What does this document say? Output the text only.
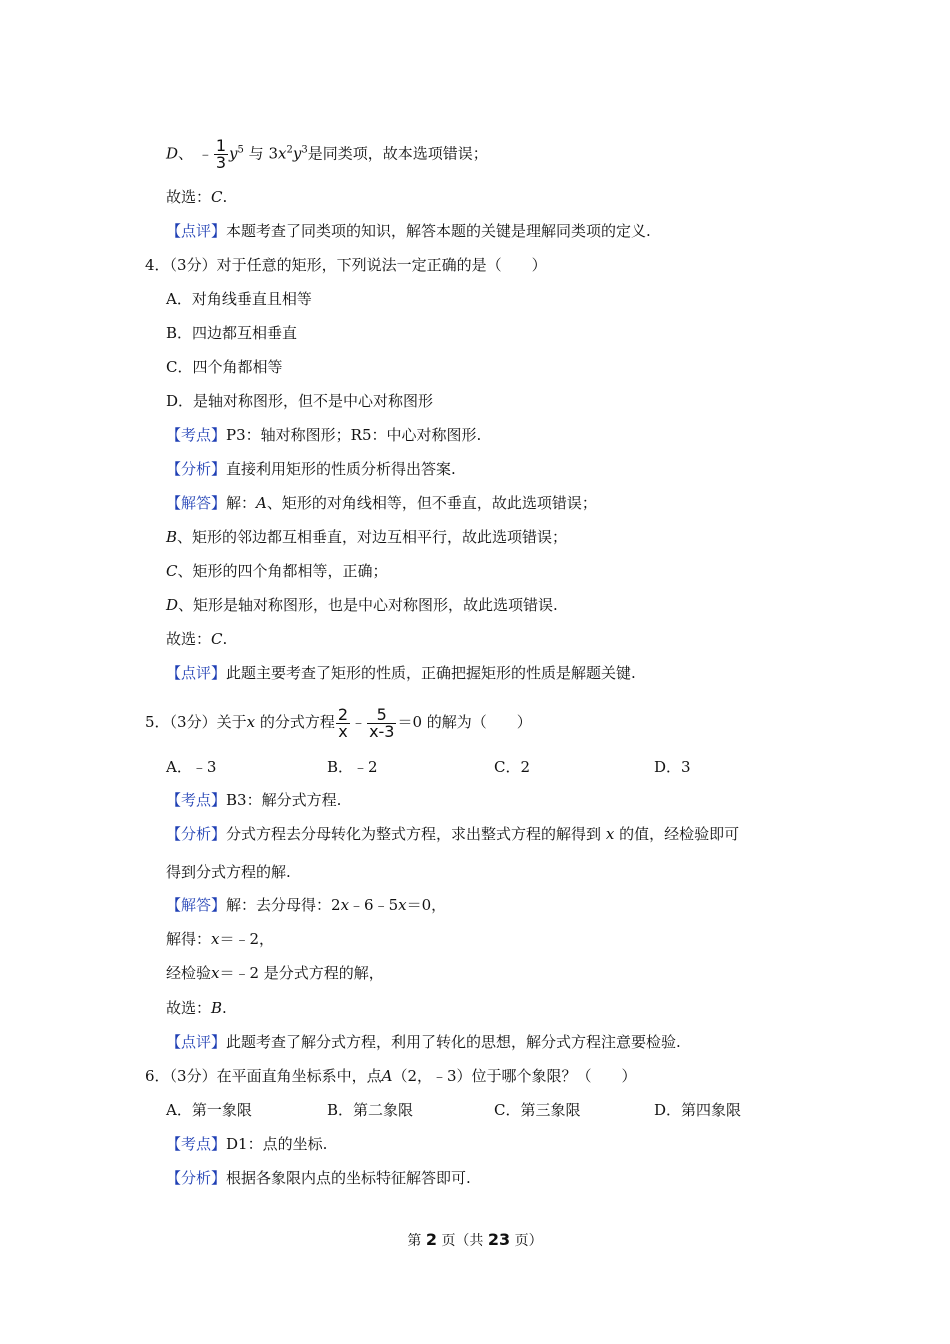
D、 ﹣ $\frac{1}{3} y^5$ 与 $3x^2y^3$是同类项，故本选项错误；
故选：C.
【点评】本题考查了同类项的知识，解答本题的关键是理解同类项的定义.
4．（3分）对于任意的矩形，下列说法一定正确的是（　　）
A．对角线垂直且相等
B．四边都互相垂直
C．四个角都相等
D．是轴对称图形，但不是中心对称图形
【考点】P3：轴对称图形；R5：中心对称图形.
【分析】直接利用矩形的性质分析得出答案.
【解答】解：A、矩形的对角线相等，但不垂直，故此选项错误；
B、矩形的邻边都互相垂直，对边互相平行，故此选项错误；
C、矩形的四个角都相等，正确；
D、矩形是轴对称图形，也是中心对称图形，故此选项错误.
故选：C.
【点评】此题主要考查了矩形的性质，正确把握矩形的性质是解题关键.
5．（3分）关于x 的分式方程 $\frac{2}{x}$ ﹣ $\frac{5}{x-3} =0$ 的解为（　　）
A．﹣3	B．﹣2	C．2	D．3
【考点】B3：解分式方程.
【分析】分式方程去分母转化为整式方程，求出整式方程的解得到 x 的值，经检验即可
得到分式方程的解.
【解答】解：去分母得：2x﹣6﹣5x＝0，
解得：x＝﹣2，
经检验x＝﹣2 是分式方程的解，
故选：B.
【点评】此题考查了解分式方程，利用了转化的思想，解分式方程注意要检验.
6．（3分）在平面直角坐标系中，点A（2，﹣3）位于哪个象限？（　　）
A．第一象限	B．第二象限	C．第三象限	D．第四象限
【考点】D1：点的坐标.
【分析】根据各象限内点的坐标特征解答即可.
第 2 页（共 23 页）
